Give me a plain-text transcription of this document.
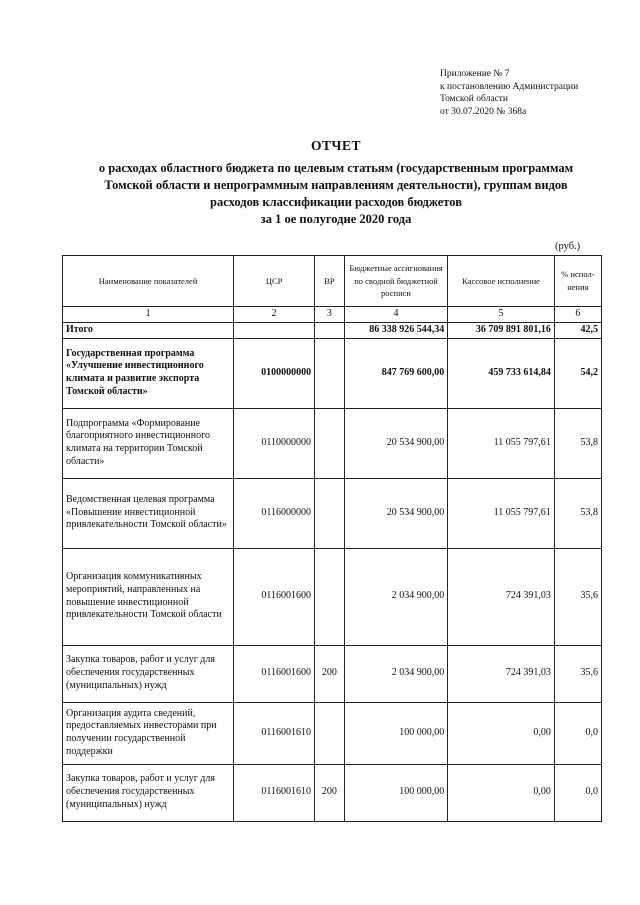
Приложение № 7
к постановлению Администрации
Томской области
от 30.07.2020 № 368а
ОТЧЕТ
о расходах областного бюджета по целевым статьям (государственным программам
Томской области и непрограммным направлениям деятельности), группам видов
расходов классификации расходов бюджетов
за 1 ое полугодие 2020 года
(руб.)
Наименование показателей	ЦСР	ВР	Бюджетные ассигнования по сводной бюджетной росписи	Кассовое исполнение	% испол-нения
1	2	3	4	5	6
Итого			86 338 926 544,34	36 709 891 801,16	42,5
Государственная программа «Улучшение инвестиционного климата и развитие экспорта Томской области»	0100000000		847 769 600,00	459 733 614,84	54,2
Подпрограмма «Формирование благоприятного инвестиционного климата на территории Томской области»	0110000000		20 534 900,00	11 055 797,61	53,8
Ведомственная целевая программа «Повышение инвестиционной привлекательности Томской области»	0116000000		20 534 900,00	11 055 797,61	53,8
Организация коммуникативных мероприятий, направленных на повышение инвестиционной привлекательности Томской области	0116001600		2 034 900,00	724 391,03	35,6
Закупка товаров, работ и услуг для обеспечения государственных (муниципальных) нужд	0116001600	200	2 034 900,00	724 391,03	35,6
Организация аудита сведений, предоставляемых инвесторами при получении государственной поддержки	0116001610		100 000,00	0,00	0,0
Закупка товаров, работ и услуг для обеспечения государственных (муниципальных) нужд	0116001610	200	100 000,00	0,00	0,0
